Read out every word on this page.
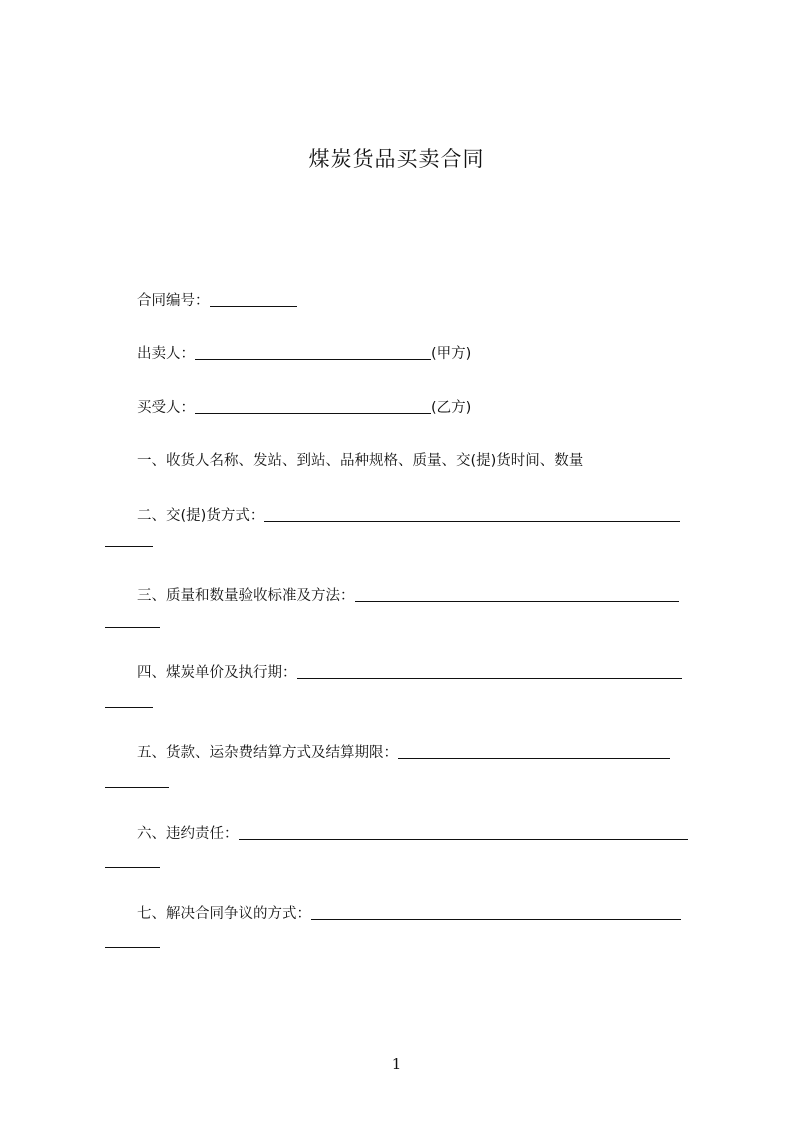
煤炭货品买卖合同
合同编号：
出卖人：	(甲方)
买受人：	(乙方)
一、收货人名称、发站、到站、品种规格、质量、交(提)货时间、数量
二、交(提)货方式：
三、质量和数量验收标准及方法：
四、煤炭单价及执行期：
五、货款、运杂费结算方式及结算期限：
六、违约责任：
七、解决合同争议的方式：
1
